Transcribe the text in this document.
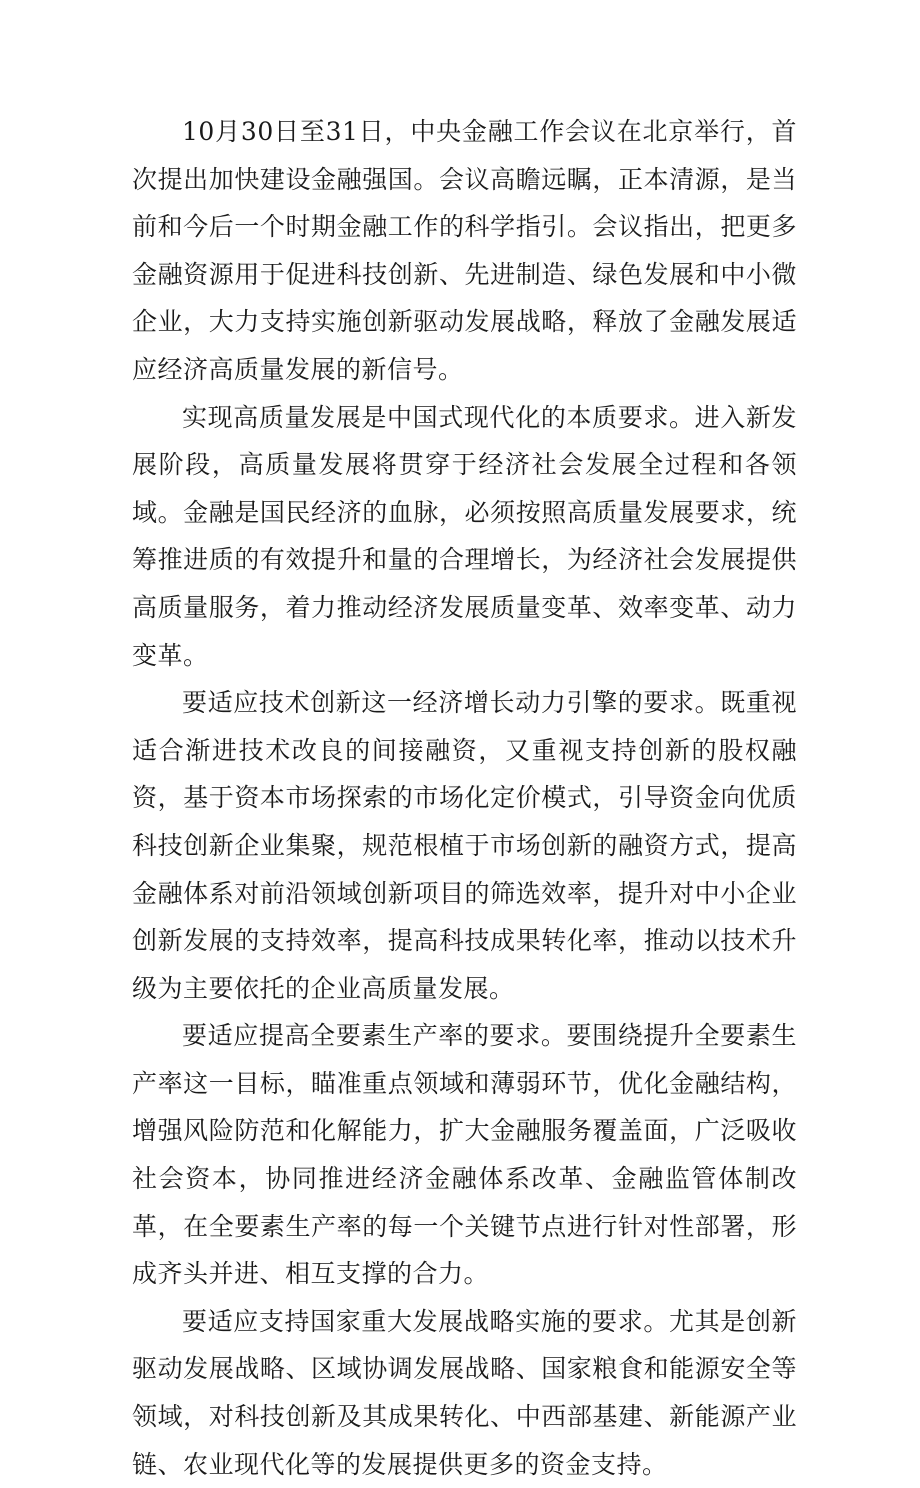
10月30日至31日，中央金融工作会议在北京举行，首次提出加快建设金融强国。会议高瞻远瞩，正本清源，是当前和今后一个时期金融工作的科学指引。会议指出，把更多金融资源用于促进科技创新、先进制造、绿色发展和中小微企业，大力支持实施创新驱动发展战略，释放了金融发展适应经济高质量发展的新信号。

实现高质量发展是中国式现代化的本质要求。进入新发展阶段，高质量发展将贯穿于经济社会发展全过程和各领域。金融是国民经济的血脉，必须按照高质量发展要求，统筹推进质的有效提升和量的合理增长，为经济社会发展提供高质量服务，着力推动经济发展质量变革、效率变革、动力变革。

要适应技术创新这一经济增长动力引擎的要求。既重视适合渐进技术改良的间接融资，又重视支持创新的股权融资，基于资本市场探索的市场化定价模式，引导资金向优质科技创新企业集聚，规范根植于市场创新的融资方式，提高金融体系对前沿领域创新项目的筛选效率，提升对中小企业创新发展的支持效率，提高科技成果转化率，推动以技术升级为主要依托的企业高质量发展。

要适应提高全要素生产率的要求。要围绕提升全要素生产率这一目标，瞄准重点领域和薄弱环节，优化金融结构，增强风险防范和化解能力，扩大金融服务覆盖面，广泛吸收社会资本，协同推进经济金融体系改革、金融监管体制改革，在全要素生产率的每一个关键节点进行针对性部署，形成齐头并进、相互支撑的合力。

要适应支持国家重大发展战略实施的要求。尤其是创新驱动发展战略、区域协调发展战略、国家粮食和能源安全等领域，对科技创新及其成果转化、中西部基建、新能源产业链、农业现代化等的发展提供更多的资金支持。
